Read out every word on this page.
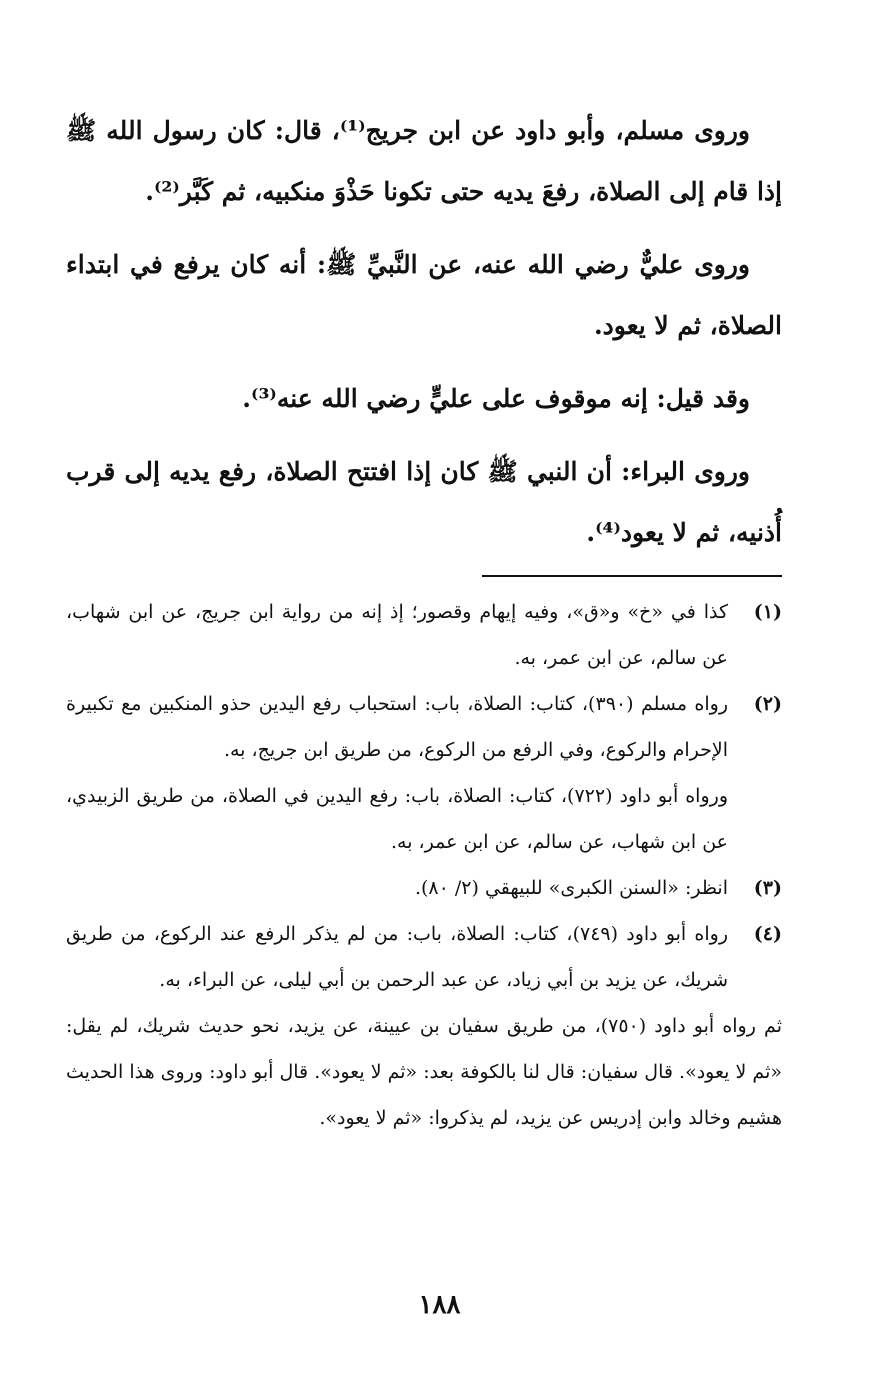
وروى مسلم، وأبو داود عن ابن جريج⁽¹⁾، قال: كان رسول الله ﷺ إذا قام إلى الصلاة، رفعَ يديه حتى تكونا حَذْوَ منكبيه، ثم كَبَّر⁽²⁾.

وروى عليٌّ رضي الله عنه، عن النَّبيِّ ﷺ: أنه كان يرفع في ابتداء الصلاة، ثم لا يعود.

وقد قيل: إنه موقوف على عليٍّ رضي الله عنه⁽³⁾.

وروى البراء: أن النبي ﷺ كان إذا افتتح الصلاة، رفع يديه إلى قرب أُذنيه، ثم لا يعود⁽⁴⁾.

(١)

كذا في «خ» و«ق»، وفيه إيهام وقصور؛ إذ إنه من رواية ابن جريج، عن ابن شهاب، عن سالم، عن ابن عمر، به.

(٢)

رواه مسلم (٣٩٠)، كتاب: الصلاة، باب: استحباب رفع اليدين حذو المنكبين مع تكبيرة الإحرام والركوع، وفي الرفع من الركوع، من طريق ابن جريج، به.

ورواه أبو داود (٧٢٢)، كتاب: الصلاة، باب: رفع اليدين في الصلاة، من طريق الزبيدي، عن ابن شهاب، عن سالم، عن ابن عمر، به.

(٣)

انظر: «السنن الكبرى» للبيهقي (٢/ ٨٠).

(٤)

رواه أبو داود (٧٤٩)، كتاب: الصلاة، باب: من لم يذكر الرفع عند الركوع، من طريق شريك، عن يزيد بن أبي زياد، عن عبد الرحمن بن أبي ليلى، عن البراء، به.

ثم رواه أبو داود (٧٥٠)، من طريق سفيان بن عيينة، عن يزيد، نحو حديث شريك، لم يقل: «ثم لا يعود». قال سفيان: قال لنا بالكوفة بعد: «ثم لا يعود». قال أبو داود: وروى هذا الحديث هشيم وخالد وابن إدريس عن يزيد، لم يذكروا: «ثم لا يعود».

١٨٨
